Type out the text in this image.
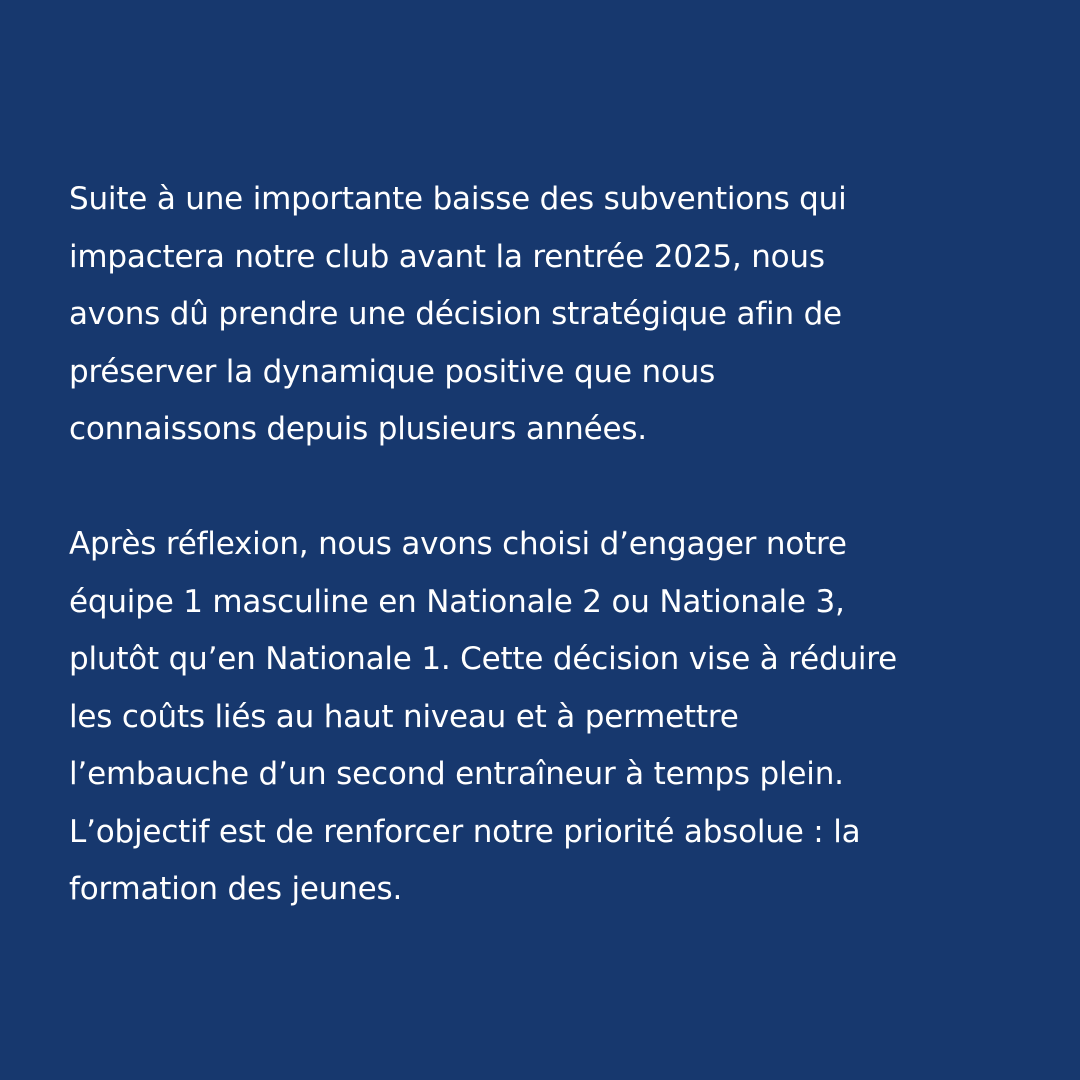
Suite à une importante baisse des subventions qui
impactera notre club avant la rentrée 2025, nous
avons dû prendre une décision stratégique afin de
préserver la dynamique positive que nous
connaissons depuis plusieurs années.

Après réflexion, nous avons choisi d’engager notre
équipe 1 masculine en Nationale 2 ou Nationale 3,
plutôt qu’en Nationale 1. Cette décision vise à réduire
les coûts liés au haut niveau et à permettre
l’embauche d’un second entraîneur à temps plein.
L’objectif est de renforcer notre priorité absolue : la
formation des jeunes.
